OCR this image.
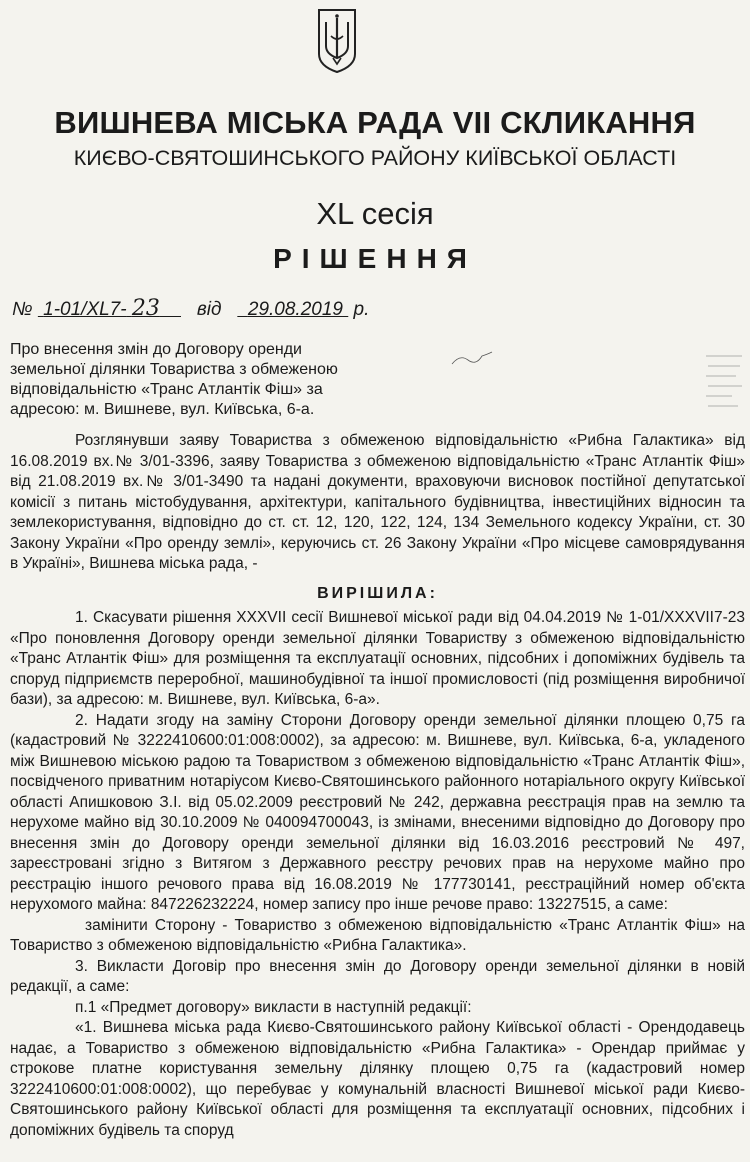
ВИШНЕВА МІСЬКА РАДА VII СКЛИКАННЯ
КИЄВО-СВЯТОШИНСЬКОГО РАЙОНУ КИЇВСЬКОЇ ОБЛАСТІ
XL сесія
РІШЕННЯ
№ 1-01/XL7- 23 від 29.08.2019 р.
Про внесення змін до Договору оренди земельної ділянки Товариства з обмеженою відповідальністю «Транс Атлантік Фіш» за адресою: м. Вишневе, вул. Київська, 6-а.

Розглянувши заяву Товариства з обмеженою відповідальністю «Рибна Галактика» від 16.08.2019 вх.№ 3/01-3396, заяву Товариства з обмеженою відповідальністю «Транс Атлантік Фіш» від 21.08.2019 вх.№ 3/01-3490 та надані документи, враховуючи висновок постійної депутатської комісії з питань містобудування, архітектури, капітального будівництва, інвестиційних відносин та землекористування, відповідно до ст. ст. 12, 120, 122, 124, 134 Земельного кодексу України, ст. 30 Закону України «Про оренду землі», керуючись ст. 26 Закону України «Про місцеве самоврядування в Україні», Вишнева міська рада, -

ВИРІШИЛА:

1. Скасувати рішення XXXVII сесії Вишневої міської ради від 04.04.2019 № 1-01/XXXVII7-23 «Про поновлення Договору оренди земельної ділянки Товариству з обмеженою відповідальністю «Транс Атлантік Фіш» для розміщення та експлуатації основних, підсобних і допоміжних будівель та споруд підприємств переробної, машинобудівної та іншої промисловості (під розміщення виробничої бази), за адресою: м. Вишневе, вул. Київська, 6-а».

2. Надати згоду на заміну Сторони Договору оренди земельної ділянки площею 0,75 га (кадастровий № 3222410600:01:008:0002), за адресою: м. Вишневе, вул. Київська, 6-а, укладеного між Вишневою міською радою та Товариством з обмеженою відповідальністю «Транс Атлантік Фіш», посвідченого приватним нотаріусом Києво-Святошинського районного нотаріального округу Київської області Апишковою З.І. від 05.02.2009 реєстровий № 242, державна реєстрація прав на землю та нерухоме майно від 30.10.2009 № 040094700043, із змінами, внесеними відповідно до Договору про внесення змін до Договору оренди земельної ділянки від 16.03.2016 реєстровий № 497, зареєстровані згідно з Витягом з Державного реєстру речових прав на нерухоме майно про реєстрацію іншого речового права від 16.08.2019 № 177730141, реєстраційний номер об'єкта нерухомого майна: 847226232224, номер запису про інше речове право: 13227515, а саме:

замінити Сторону - Товариство з обмеженою відповідальністю «Транс Атлантік Фіш» на Товариство з обмеженою відповідальністю «Рибна Галактика».

3. Викласти Договір про внесення змін до Договору оренди земельної ділянки в новій редакції, а саме:

п.1 «Предмет договору» викласти в наступній редакції:

«1. Вишнева міська рада Києво-Святошинського району Київської області - Орендодавець надає, а Товариство з обмеженою відповідальністю «Рибна Галактика» - Орендар приймає у строкове платне користування земельну ділянку площею 0,75 га (кадастровий номер 3222410600:01:008:0002), що перебуває у комунальній власності Вишневої міської ради Києво-Святошинського району Київської області для розміщення та експлуатації основних, підсобних і допоміжних будівель та споруд
